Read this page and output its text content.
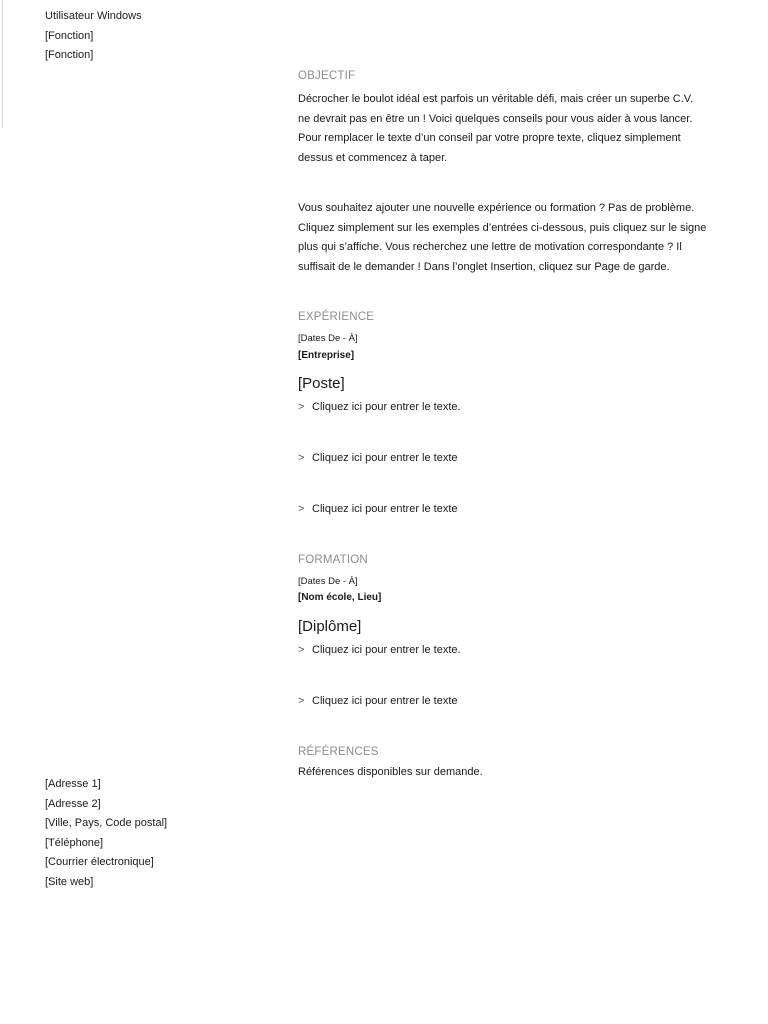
Utilisateur Windows
[Fonction]
[Fonction]
[Adresse 1]
[Adresse 2]
[Ville, Pays, Code postal]
[Téléphone]
[Courrier électronique]
[Site web]
OBJECTIF
Décrocher le boulot idéal est parfois un véritable défi, mais créer un superbe C.V.
ne devrait pas en être un ! Voici quelques conseils pour vous aider à vous lancer.
Pour remplacer le texte d’un conseil par votre propre texte, cliquez simplement
dessus et commencez à taper.
Vous souhaitez ajouter une nouvelle expérience ou formation ? Pas de problème.
Cliquez simplement sur les exemples d’entrées ci-dessous, puis cliquez sur le signe
plus qui s’affiche. Vous recherchez une lettre de motivation correspondante ? Il
suffisait de le demander ! Dans l’onglet Insertion, cliquez sur Page de garde.
EXPÉRIENCE
[Dates De - À]
[Entreprise]
[Poste]
> Cliquez ici pour entrer le texte.
> Cliquez ici pour entrer le texte
> Cliquez ici pour entrer le texte
FORMATION
[Dates De - À]
[Nom école, Lieu]
[Diplôme]
> Cliquez ici pour entrer le texte.
> Cliquez ici pour entrer le texte
RÉFÉRENCES
Références disponibles sur demande.
